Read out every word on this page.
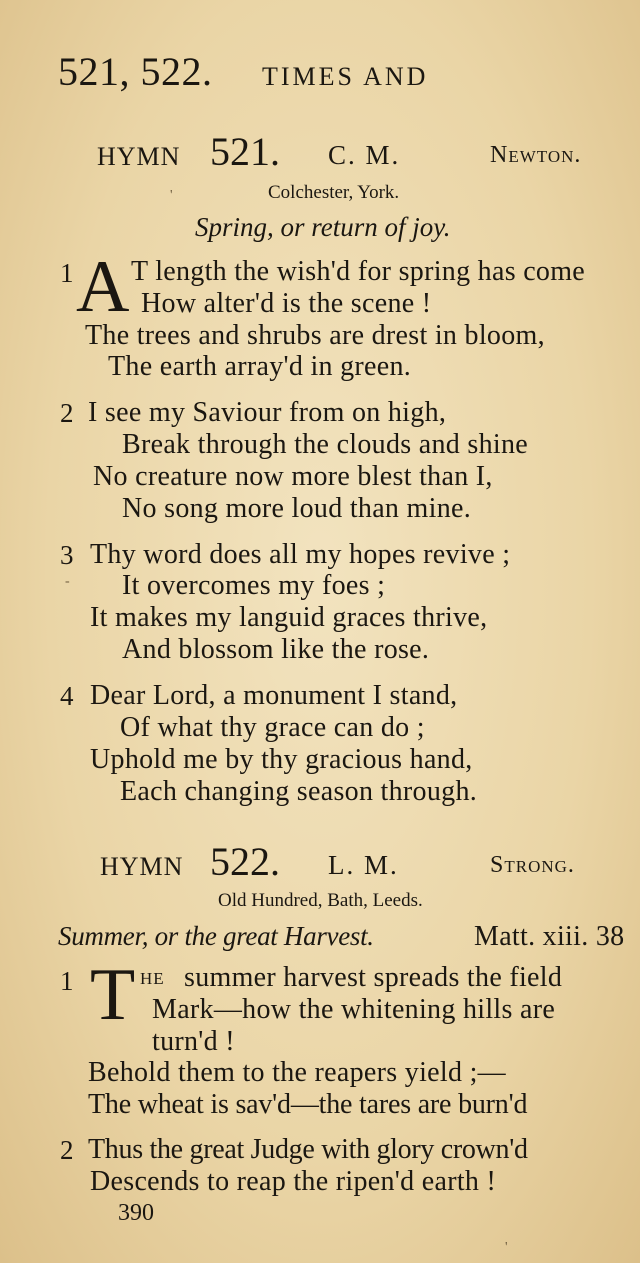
521, 522. TIMES AND
HYMN 521. C. M.	Newton.
'	Colchester, York.
Spring, or return of joy.
1 A T length the wish'd for spring has come
How alter'd is the scene !
The trees and shrubs are drest in bloom,
The earth array'd in green.
2 I see my Saviour from on high,
Break through the clouds and shine
No creature now more blest than I,
No song more loud than mine.
3 Thy word does all my hopes revive ;
- It overcomes my foes ;
It makes my languid graces thrive,
And blossom like the rose.
4 Dear Lord, a monument I stand,
Of what thy grace can do ;
Uphold me by thy gracious hand,
Each changing season through.
HYMN 522. L. M.	Strong.
Old Hundred, Bath, Leeds.
Summer, or the great Harvest.	Matt. xiii. 38
1 T he summer harvest spreads the field
Mark—how the whitening hills are
turn'd !
Behold them to the reapers yield ;—
The wheat is sav'd—the tares are burn'd
2 Thus the great Judge with glory crown'd
Descends to reap the ripen'd earth !
390
'
